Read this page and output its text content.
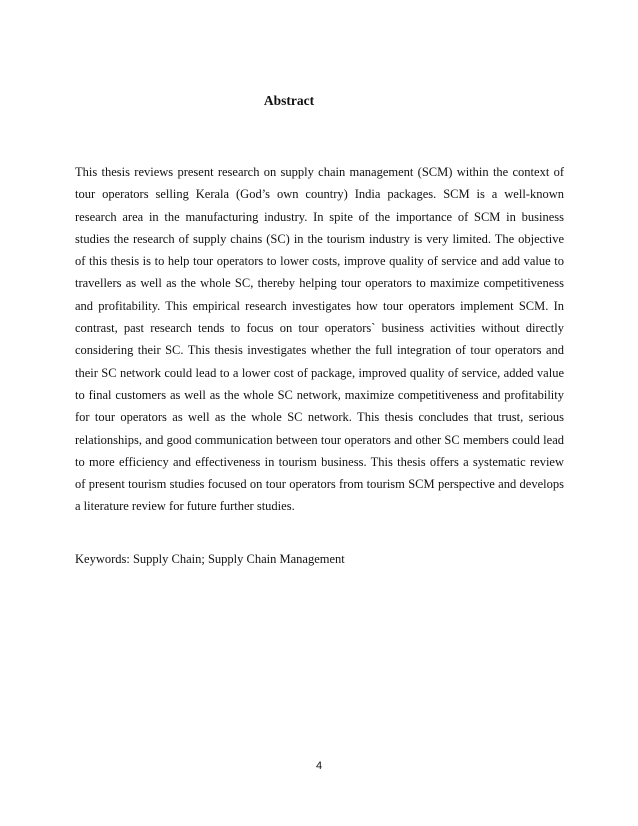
Abstract
This thesis reviews present research on supply chain management (SCM) within the context of
tour operators selling Kerala (God’s own country) India packages. SCM is a well-known
research area in the manufacturing industry. In spite of the importance of SCM in business
studies the research of supply chains (SC) in the tourism industry is very limited. The objective
of this thesis is to help tour operators to lower costs, improve quality of service and add value to
travellers as well as the whole SC, thereby helping tour operators to maximize competitiveness
and profitability. This empirical research investigates how tour operators implement SCM. In
contrast, past research tends to focus on tour operators` business activities without directly
considering their SC. This thesis investigates whether the full integration of tour operators and
their SC network could lead to a lower cost of package, improved quality of service, added value
to final customers as well as the whole SC network, maximize competitiveness and profitability
for tour operators as well as the whole SC network. This thesis concludes that trust, serious
relationships, and good communication between tour operators and other SC members could lead
to more efficiency and effectiveness in tourism business. This thesis offers a systematic review
of present tourism studies focused on tour operators from tourism SCM perspective and develops
a literature review for future further studies.
Keywords: Supply Chain; Supply Chain Management
4
